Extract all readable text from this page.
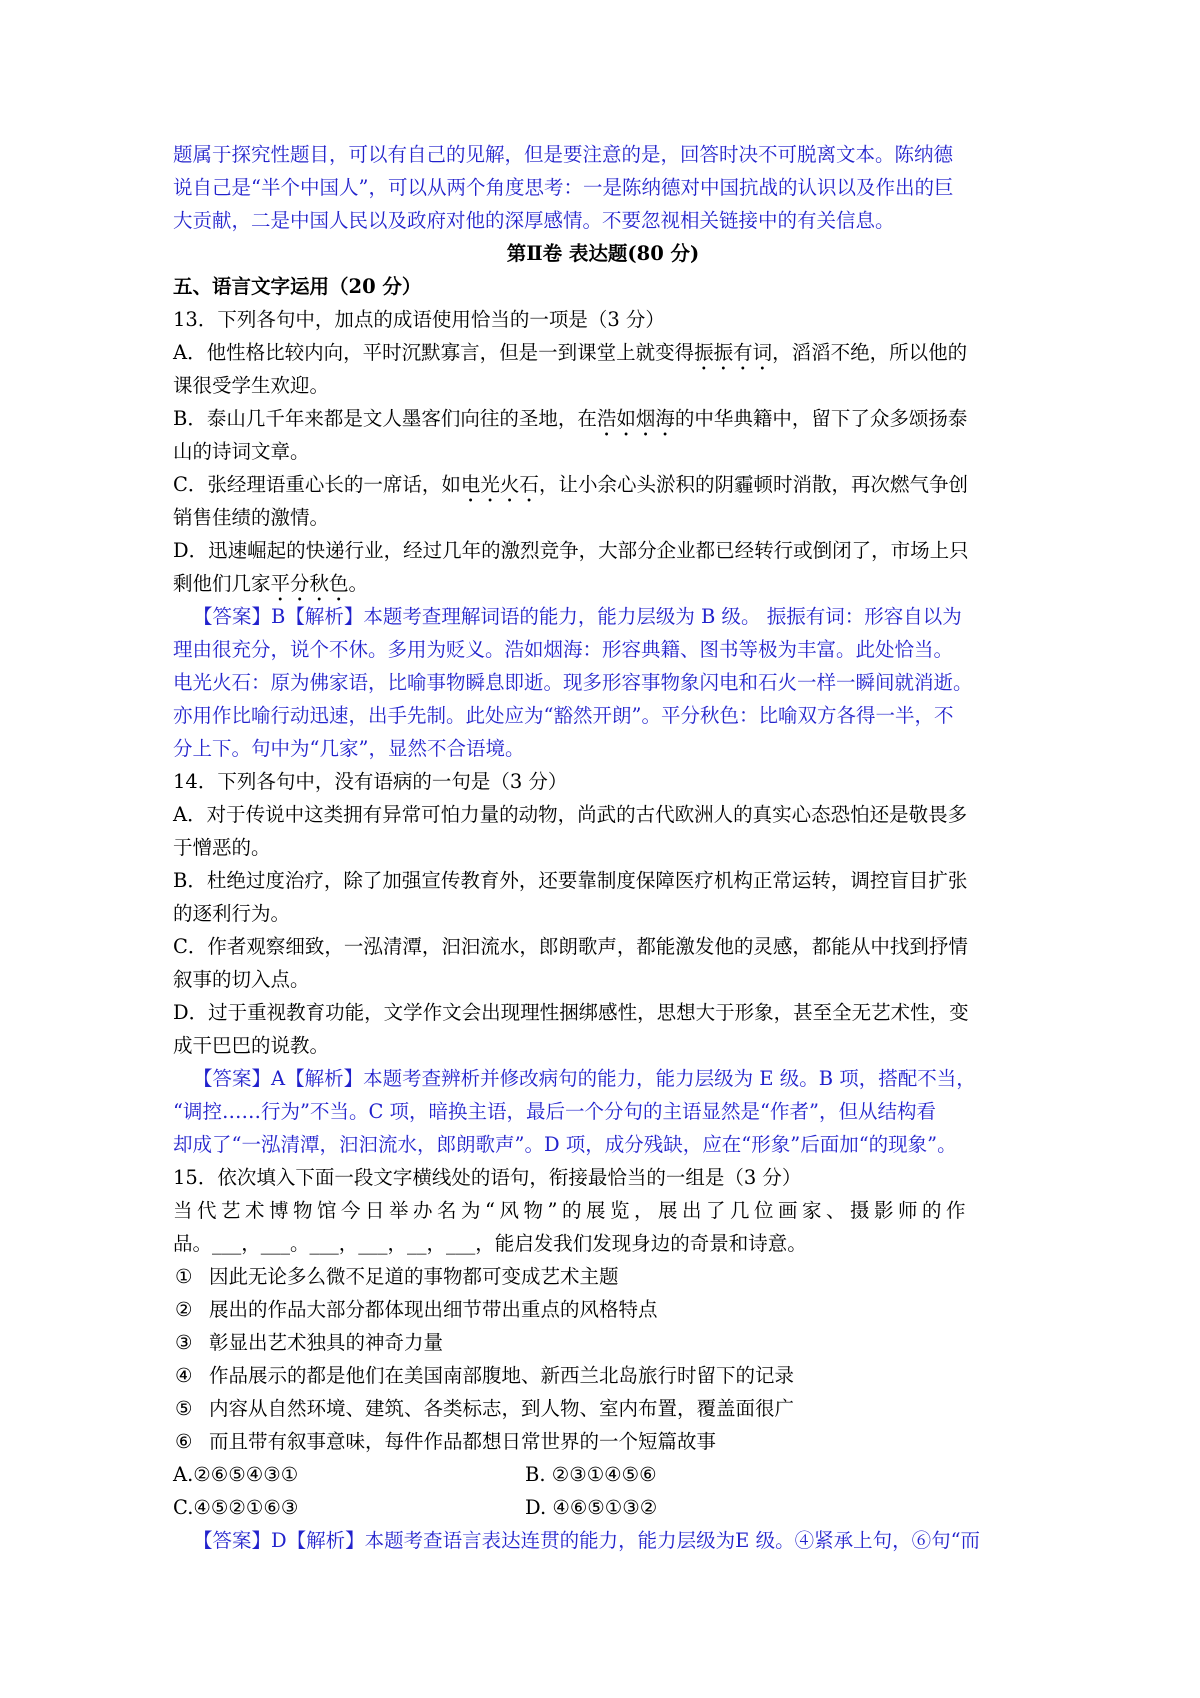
题属于探究性题目，可以有自己的见解，但是要注意的是，回答时决不可脱离文本。陈纳德
说自己是“半个中国人”，可以从两个角度思考：一是陈纳德对中国抗战的认识以及作出的巨
大贡献，二是中国人民以及政府对他的深厚感情。不要忽视相关链接中的有关信息。
第Ⅱ卷 表达题(80 分)
五、语言文字运用（20 分）
13．下列各句中，加点的成语使用恰当的一项是（3 分）
A．他性格比较内向，平时沉默寡言，但是一到课堂上就变得振振有词，滔滔不绝，所以他的
课很受学生欢迎。
B．泰山几千年来都是文人墨客们向往的圣地，在浩如烟海的中华典籍中，留下了众多颂扬泰
山的诗词文章。
C．张经理语重心长的一席话，如电光火石，让小余心头淤积的阴霾顿时消散，再次燃气争创
销售佳绩的激情。
D．迅速崛起的快递行业，经过几年的激烈竞争，大部分企业都已经转行或倒闭了，市场上只
剩他们几家平分秋色。
【答案】B【解析】本题考查理解词语的能力，能力层级为 B 级。 振振有词：形容自以为
理由很充分，说个不休。多用为贬义。浩如烟海：形容典籍、图书等极为丰富。此处恰当。
电光火石：原为佛家语，比喻事物瞬息即逝。现多形容事物象闪电和石火一样一瞬间就消逝。
亦用作比喻行动迅速，出手先制。此处应为“豁然开朗”。平分秋色：比喻双方各得一半，不
分上下。句中为“几家”，显然不合语境。
14．下列各句中，没有语病的一句是（3 分）
A．对于传说中这类拥有异常可怕力量的动物，尚武的古代欧洲人的真实心态恐怕还是敬畏多
于憎恶的。
B．杜绝过度治疗，除了加强宣传教育外，还要靠制度保障医疗机构正常运转，调控盲目扩张
的逐利行为。
C．作者观察细致，一泓清潭，汩汩流水，郎朗歌声，都能激发他的灵感，都能从中找到抒情
叙事的切入点。
D．过于重视教育功能，文学作文会出现理性捆绑感性，思想大于形象，甚至全无艺术性，变
成干巴巴的说教。
【答案】A【解析】本题考查辨析并修改病句的能力，能力层级为 E 级。B 项，搭配不当，
“调控……行为”不当。C 项，暗换主语，最后一个分句的主语显然是“作者”，但从结构看
却成了“一泓清潭，汩汩流水，郎朗歌声”。D 项，成分残缺，应在“形象”后面加“的现象”。
15．依次填入下面一段文字横线处的语句，衔接最恰当的一组是（3 分）
当代艺术博物馆今日举办名为“风物”的展览，展出了几位画家、摄影师的作
品。___，___。___，___，__，___，能启发我们发现身边的奇景和诗意。
① 因此无论多么微不足道的事物都可变成艺术主题
② 展出的作品大部分都体现出细节带出重点的风格特点
③ 彰显出艺术独具的神奇力量
④ 作品展示的都是他们在美国南部腹地、新西兰北岛旅行时留下的记录
⑤ 内容从自然环境、建筑、各类标志，到人物、室内布置，覆盖面很广
⑥ 而且带有叙事意味，每件作品都想日常世界的一个短篇故事
A.②⑥⑤④③①	B. ②③①④⑤⑥
C.④⑤②①⑥③	D. ④⑥⑤①③②
【答案】D【解析】本题考查语言表达连贯的能力，能力层级为E 级。④紧承上句，⑥句“而
